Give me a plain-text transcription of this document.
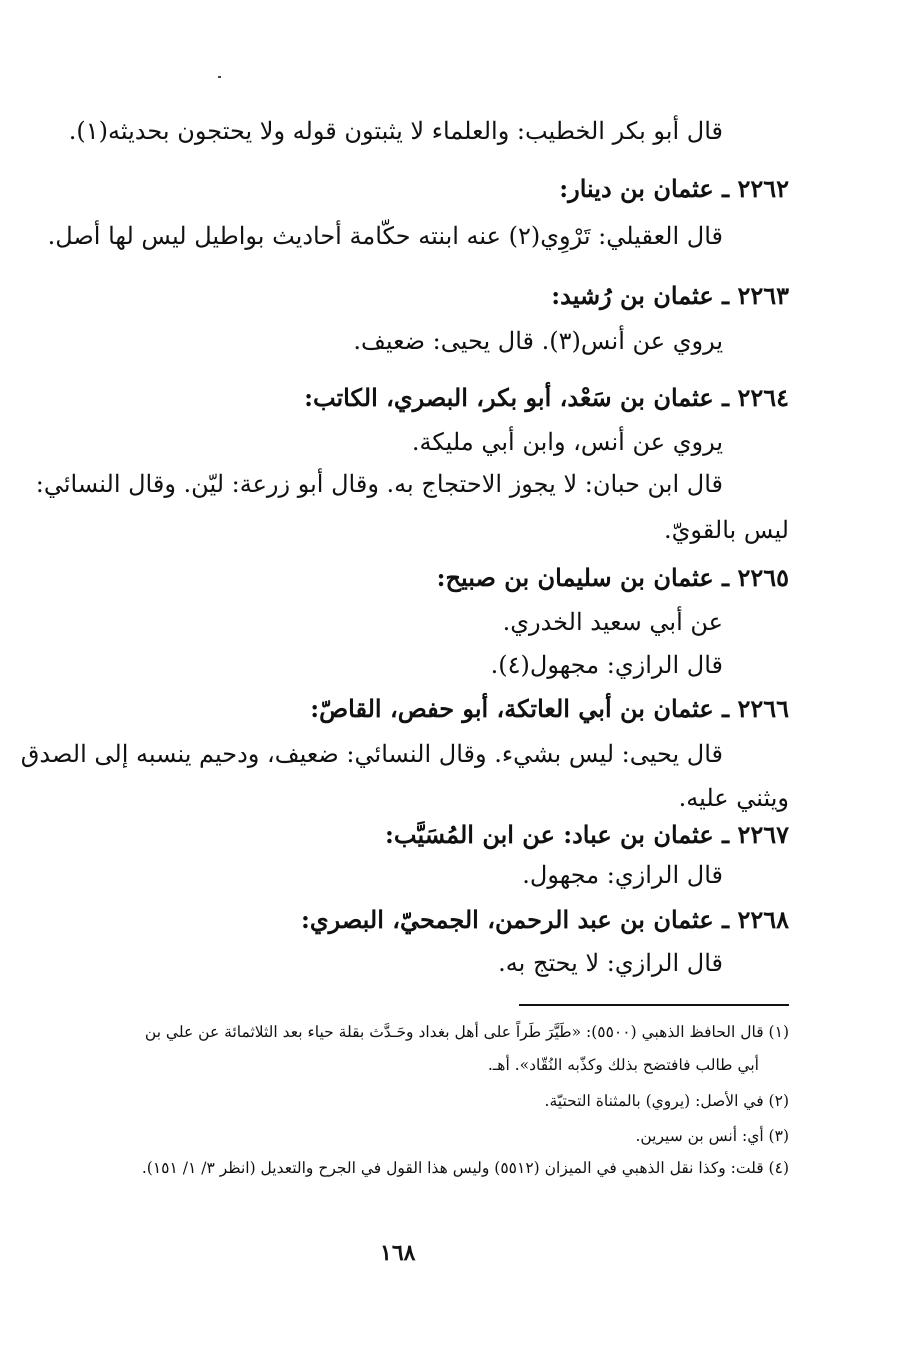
قال أبو بكر الخطيب: والعلماء لا يثبتون قوله ولا يحتجون بحديثه(١).
٢٢٦٢ ـ عثمان بن دينار:
قال العقيلي: تَرْوِي(٢) عنه ابنته حكّامة أحاديث بواطيل ليس لها أصل.
٢٢٦٣ ـ عثمان بن رُشيد:
يروي عن أنس(٣). قال يحيى: ضعيف.
٢٢٦٤ ـ عثمان بن سَعْد، أبو بكر، البصري، الكاتب:
يروي عن أنس، وابن أبي مليكة.
قال ابن حبان: لا يجوز الاحتجاج به. وقال أبو زرعة: ليّن. وقال النسائي:
ليس بالقويّ.
٢٢٦٥ ـ عثمان بن سليمان بن صبيح:
عن أبي سعيد الخدري.
قال الرازي: مجهول(٤).
٢٢٦٦ ـ عثمان بن أبي العاتكة، أبو حفص، القاصّ:
قال يحيى: ليس بشيء. وقال النسائي: ضعيف، ودحيم ينسبه إلى الصدق
ويثني عليه.
٢٢٦٧ ـ عثمان بن عباد: عن ابن المُسَيَّب:
قال الرازي: مجهول.
٢٢٦٨ ـ عثمان بن عبد الرحمن، الجمحيّ، البصري:
قال الرازي: لا يحتج به.
(١) قال الحافظ الذهبي (٥٥٠٠): «طَيَّرَ طَراً على أهل بغداد وحَـدَّث بقلة حياء بعد الثلاثمائة عن علي بن
أبي طالب فافتضح بذلك وكذّبه النُقّاد». أهـ.
(٢) في الأصل: (يروي) بالمثناة التحتيّة.
(٣) أي: أنس بن سيرين.
(٤) قلت: وكذا نقل الذهبي في الميزان (٥٥١٢) وليس هذا القول في الجرح والتعديل (انظر ٣/ ١/ ١٥١).
١٦٨
